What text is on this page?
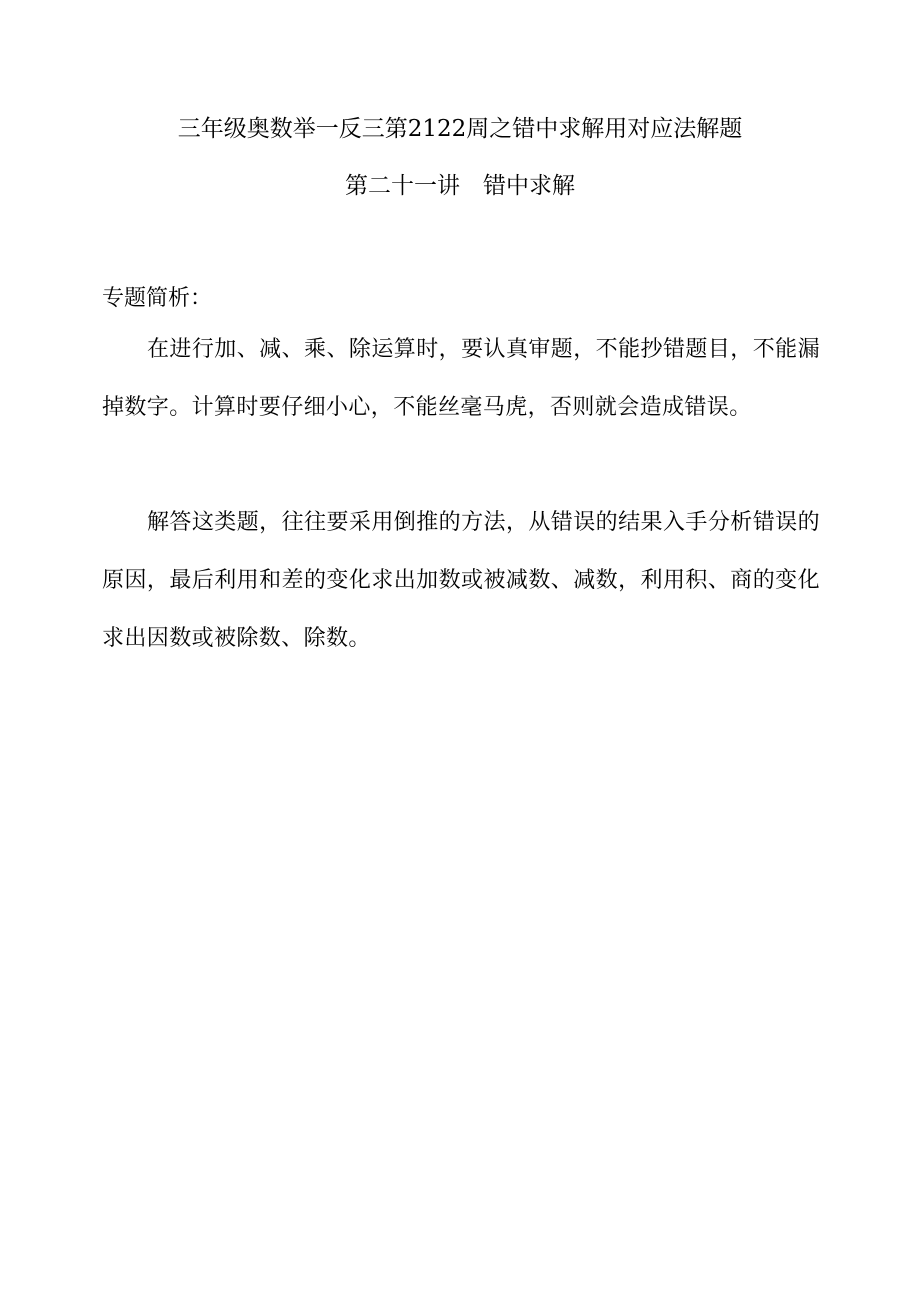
三年级奥数举一反三第2122周之错中求解用对应法解题
第二十一讲　错中求解
专题简析：

在进行加、减、乘、除运算时，要认真审题，不能抄错题目，不能漏掉数字。计算时要仔细小心，不能丝毫马虎，否则就会造成错误。

解答这类题，往往要采用倒推的方法，从错误的结果入手分析错误的原因，最后利用和差的变化求出加数或被减数、减数，利用积、商的变化求出因数或被除数、除数。
